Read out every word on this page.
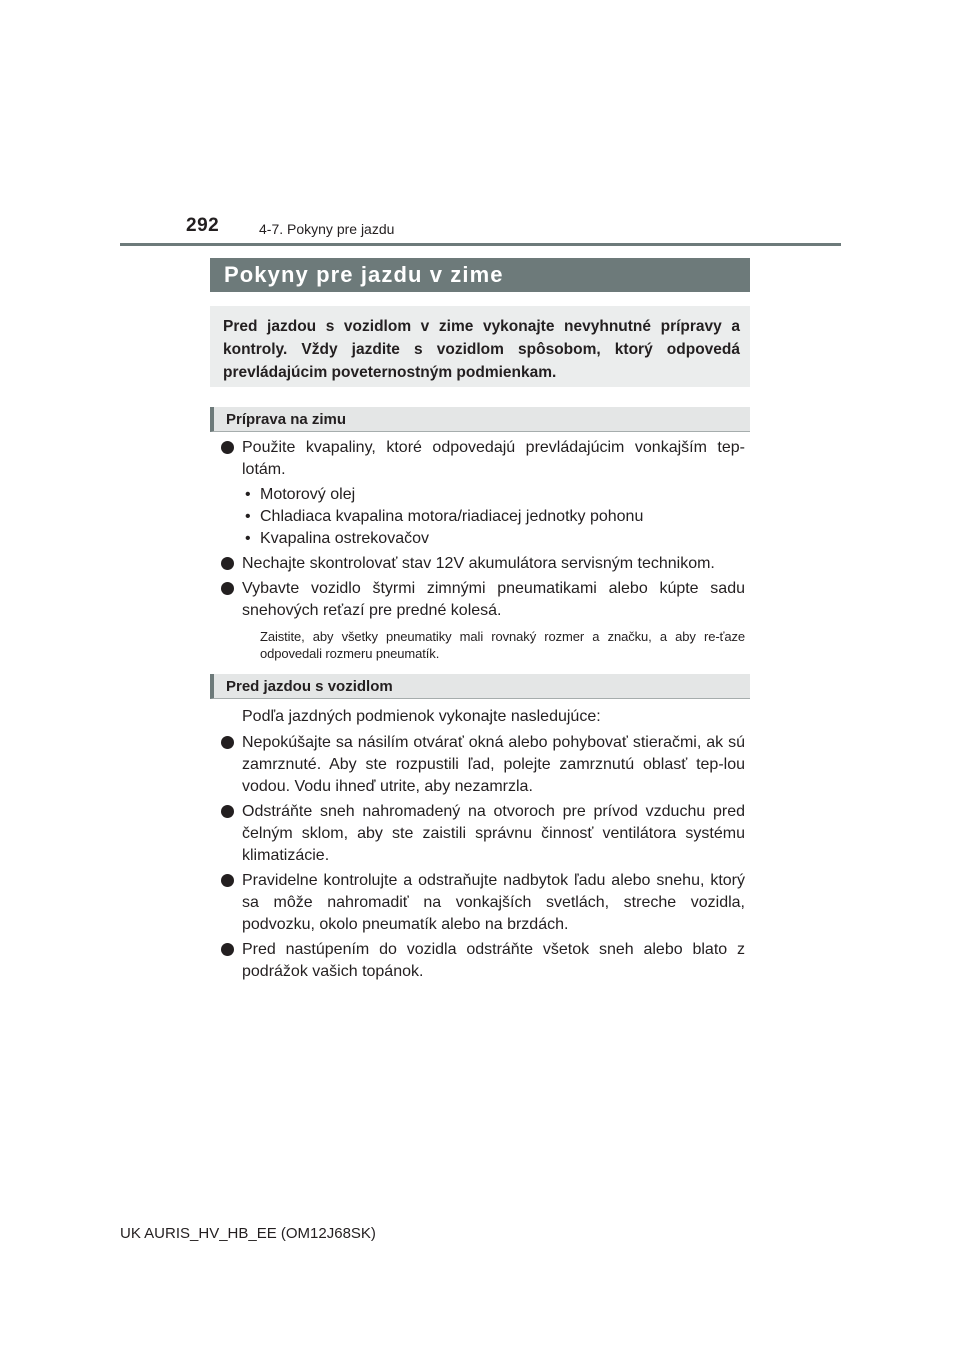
292	4-7. Pokyny pre jazdu
Pokyny pre jazdu v zime
Pred jazdou s vozidlom v zime vykonajte nevyhnutné prípravy a kontroly. Vždy jazdite s vozidlom spôsobom, ktorý odpovedá prevládajúcim poveternostným podmienkam.
Príprava na zimu
Použite kvapaliny, ktoré odpovedajú prevládajúcim vonkajším tep-lotám.
• Motorový olej
• Chladiaca kvapalina motora/riadiacej jednotky pohonu
• Kvapalina ostrekovačov
Nechajte skontrolovať stav 12V akumulátora servisným technikom.
Vybavte vozidlo štyrmi zimnými pneumatikami alebo kúpte sadu snehových reťazí pre predné kolesá.
Zaistite, aby všetky pneumatiky mali rovnaký rozmer a značku, a aby re-ťaze odpovedali rozmeru pneumatík.
Pred jazdou s vozidlom
Podľa jazdných podmienok vykonajte nasledujúce:
Nepokúšajte sa násilím otvárať okná alebo pohybovať stieračmi, ak sú zamrznuté. Aby ste rozpustili ľad, polejte zamrznutú oblasť tep-lou vodou. Vodu ihneď utrite, aby nezamrzla.
Odstráňte sneh nahromadený na otvoroch pre prívod vzduchu pred čelným sklom, aby ste zaistili správnu činnosť ventilátora systému klimatizácie.
Pravidelne kontrolujte a odstraňujte nadbytok ľadu alebo snehu, ktorý sa môže nahromadiť na vonkajších svetlách, streche vozidla, podvozku, okolo pneumatík alebo na brzdách.
Pred nastúpením do vozidla odstráňte všetok sneh alebo blato z podrážok vašich topánok.
UK AURIS_HV_HB_EE (OM12J68SK)
